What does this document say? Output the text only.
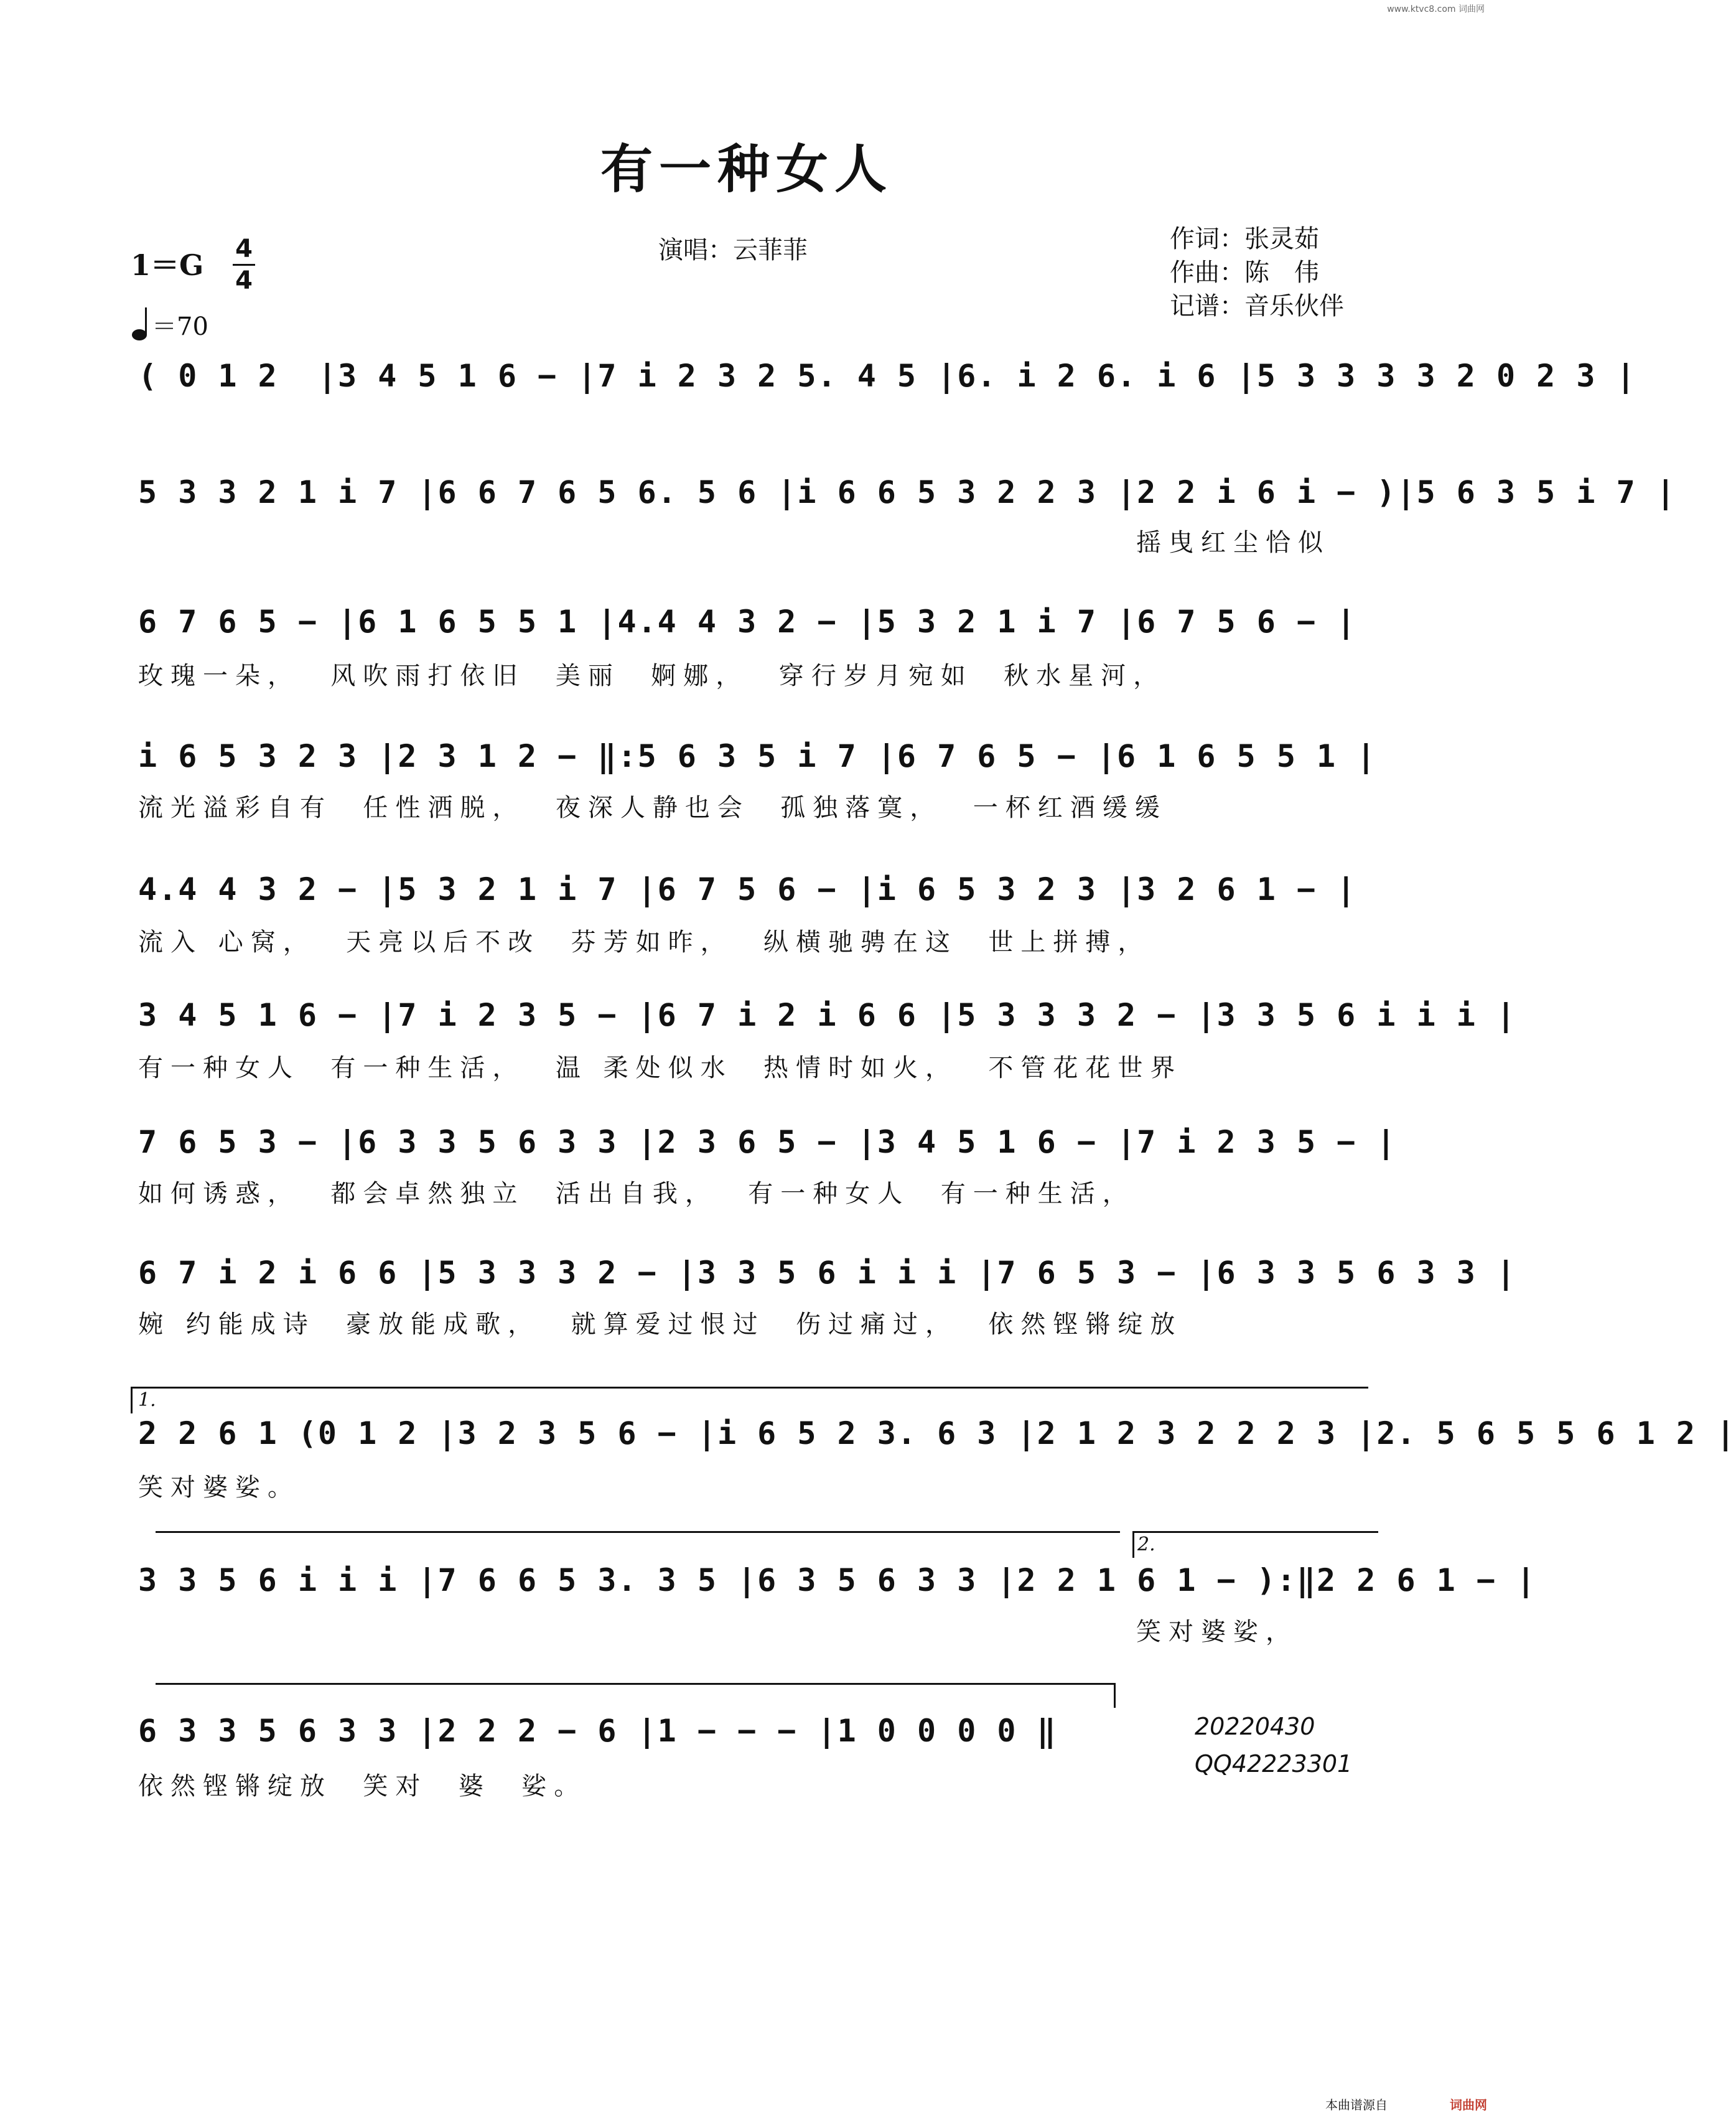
www.ktvc8.com 词曲网
有一种女人
演唱：云菲菲	作词：张灵茹
作曲：陈　伟
记谱：音乐伙伴
1＝G 4
4
＝70
( 0 1 2  |3 4 5 1 6 − |7 i 2 3 2 5. 4 5 |6. i 2 6. i 6 |5 3 3 3 3 2 0 2 3 |
5 3 3 2 1 i 7 |6 6 7 6 5 6. 5 6 |i 6 6 5 3 2 2 3 |2 2 i 6 i − )|5 6 3 5 i 7 |
摇曳红尘恰似
6 7 6 5 − |6 1 6 5 5 1 |4.4 4 3 2 − |5 3 2 1 i 7 |6 7 5 6 − |
玫瑰一朵，  风吹雨打依旧  美丽  婀娜，  穿行岁月宛如  秋水星河，
i 6 5 3 2 3 |2 3 1 2 − ‖:5 6 3 5 i 7 |6 7 6 5 − |6 1 6 5 5 1 |
流光溢彩自有  任性洒脱，  夜深人静也会  孤独落寞，  一杯红酒缓缓
4.4 4 3 2 − |5 3 2 1 i 7 |6 7 5 6 − |i 6 5 3 2 3 |3 2 6 1 − |
流入 心窝，  天亮以后不改  芬芳如昨，  纵横驰骋在这  世上拼搏，
3 4 5 1 6 − |7 i 2 3 5 − |6 7 i 2 i 6 6 |5 3 3 3 2 − |3 3 5 6 i i i |
有一种女人  有一种生活，  温 柔处似水  热情时如火，  不管花花世界
7 6 5 3 − |6 3 3 5 6 3 3 |2 3 6 5 − |3 4 5 1 6 − |7 i 2 3 5 − |
如何诱惑，  都会卓然独立  活出自我，  有一种女人  有一种生活，
6 7 i 2 i 6 6 |5 3 3 3 2 − |3 3 5 6 i i i |7 6 5 3 − |6 3 3 5 6 3 3 |
婉 约能成诗  豪放能成歌，  就算爱过恨过  伤过痛过，  依然铿锵绽放
1.
2 2 6 1 (0 1 2 |3 2 3 5 6 − |i 6 5 2 3. 6 3 |2 1 2 3 2 2 2 3 |2. 5 6 5 5 6 1 2 |
笑对婆娑。
2.
3 3 5 6 i i i |7 6 6 5 3. 3 5 |6 3 5 6 3 3 |2 2 1 6 1 − ):‖2 2 6 1 − |
笑对婆娑，
6 3 3 5 6 3 3 |2 2 2 − 6 |1 − − − |1 0 0 0 0 ‖
依然铿锵绽放  笑对  婆  娑。
20220430
QQ42223301
本曲谱源自	词曲网
